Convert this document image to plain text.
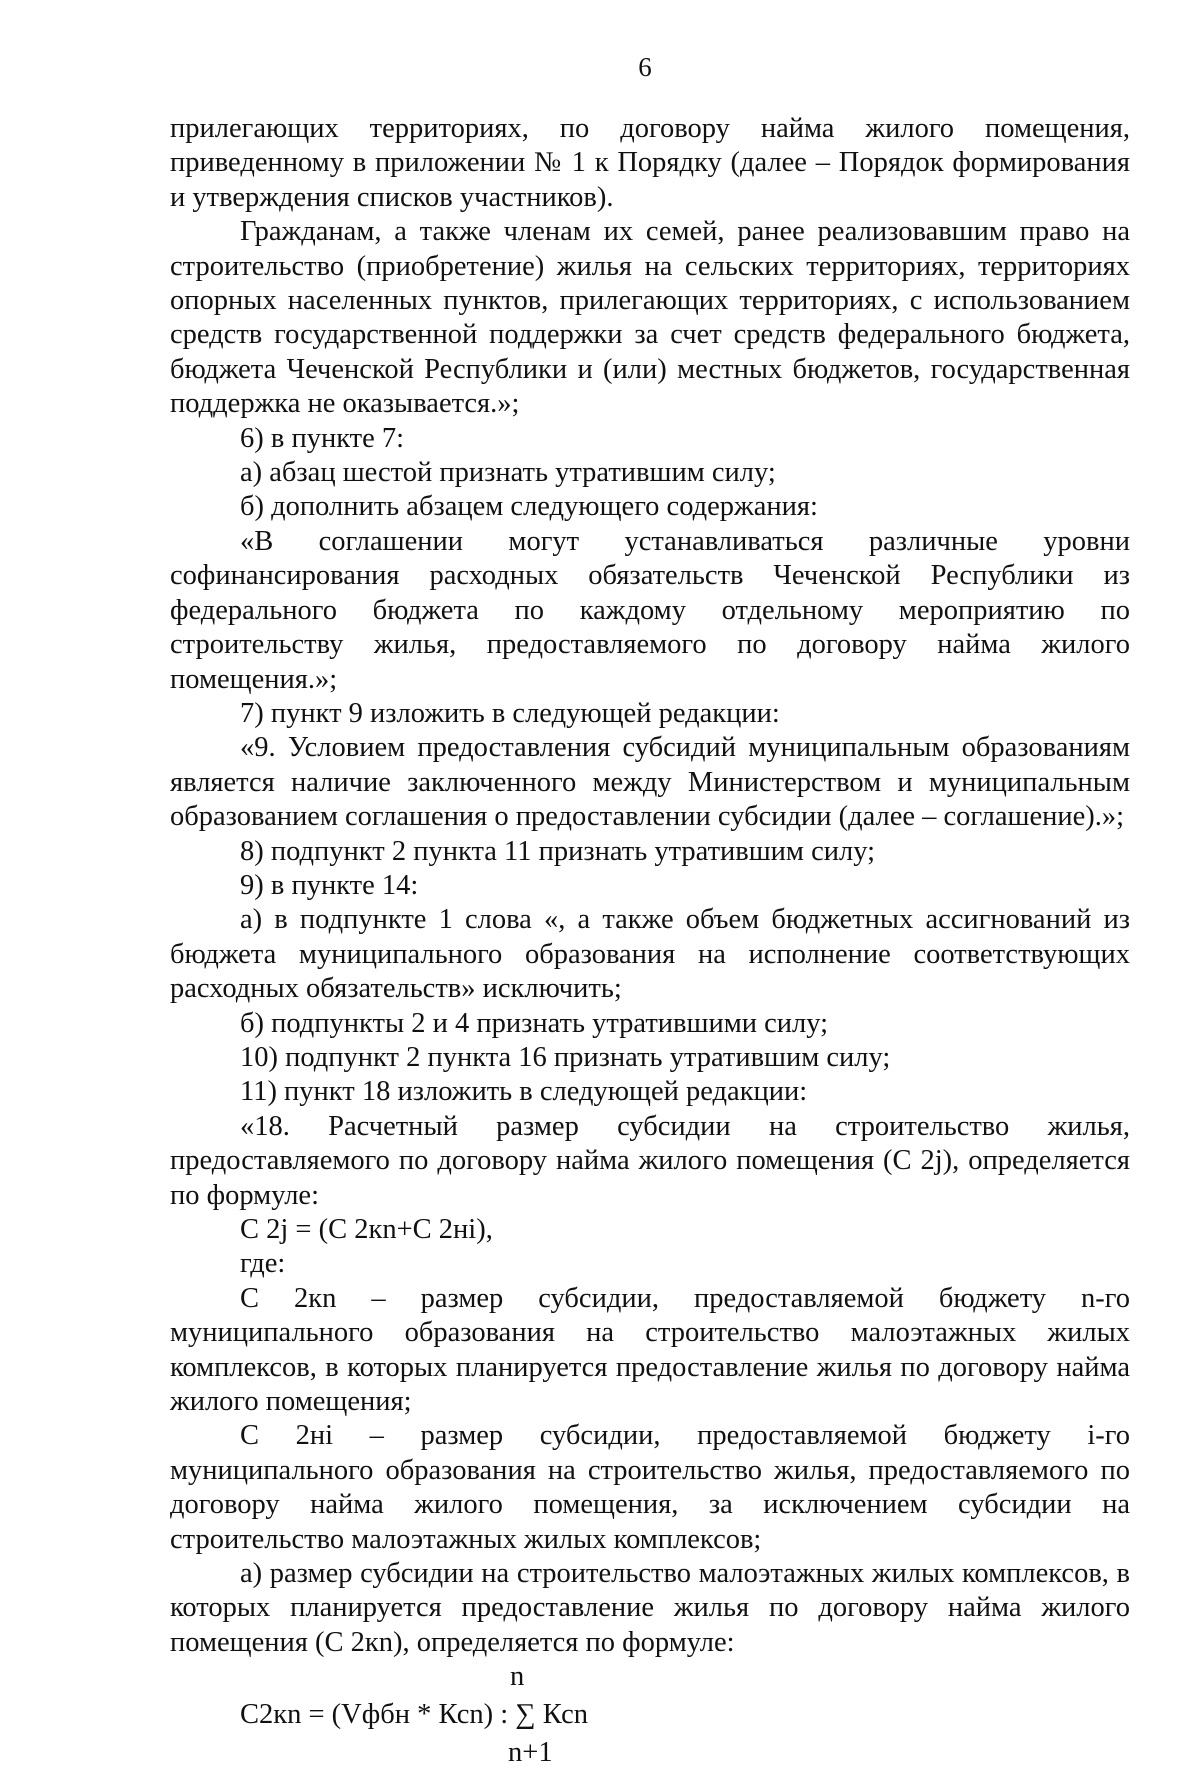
6

прилегающих территориях, по договору найма жилого помещения, приведенному в приложении № 1 к Порядку (далее – Порядок формирования и утверждения списков участников).

Гражданам, а также членам их семей, ранее реализовавшим право на строительство (приобретение) жилья на сельских территориях, территориях опорных населенных пунктов, прилегающих территориях, с использованием средств государственной поддержки за счет средств федерального бюджета, бюджета Чеченской Республики и (или) местных бюджетов, государственная поддержка не оказывается.»;

6) в пункте 7:

а) абзац шестой признать утратившим силу;

б) дополнить абзацем следующего содержания:

«В соглашении могут устанавливаться различные уровни софинансирования расходных обязательств Чеченской Республики из федерального бюджета по каждому отдельному мероприятию по строительству жилья, предоставляемого по договору найма жилого помещения.»;

7) пункт 9 изложить в следующей редакции:

«9. Условием предоставления субсидий муниципальным образованиям является наличие заключенного между Министерством и муниципальным образованием соглашения о предоставлении субсидии (далее – соглашение).»;

8) подпункт 2 пункта 11 признать утратившим силу;

9) в пункте 14:

а) в подпункте 1 слова «, а также объем бюджетных ассигнований из бюджета муниципального образования на исполнение соответствующих расходных обязательств» исключить;

б) подпункты 2 и 4 признать утратившими силу;

10) подпункт 2 пункта 16 признать утратившим силу;

11) пункт 18 изложить в следующей редакции:

«18. Расчетный размер субсидии на строительство жилья, предоставляемого по договору найма жилого помещения (С 2j), определяется по формуле:

С 2j = (С 2кn+С 2нi),

где:

С 2кn – размер субсидии, предоставляемой бюджету n-го муниципального образования на строительство малоэтажных жилых комплексов, в которых планируется предоставление жилья по договору найма жилого помещения;

С 2нi – размер субсидии, предоставляемой бюджету i-го муниципального образования на строительство жилья, предоставляемого по договору найма жилого помещения, за исключением субсидии на строительство малоэтажных жилых комплексов;

а) размер субсидии на строительство малоэтажных жилых комплексов, в которых планируется предоставление жилья по договору найма жилого помещения (С 2кn), определяется по формуле:

n
С2кn = (Vфбн * Ксn) : ∑ Ксn
n+1
